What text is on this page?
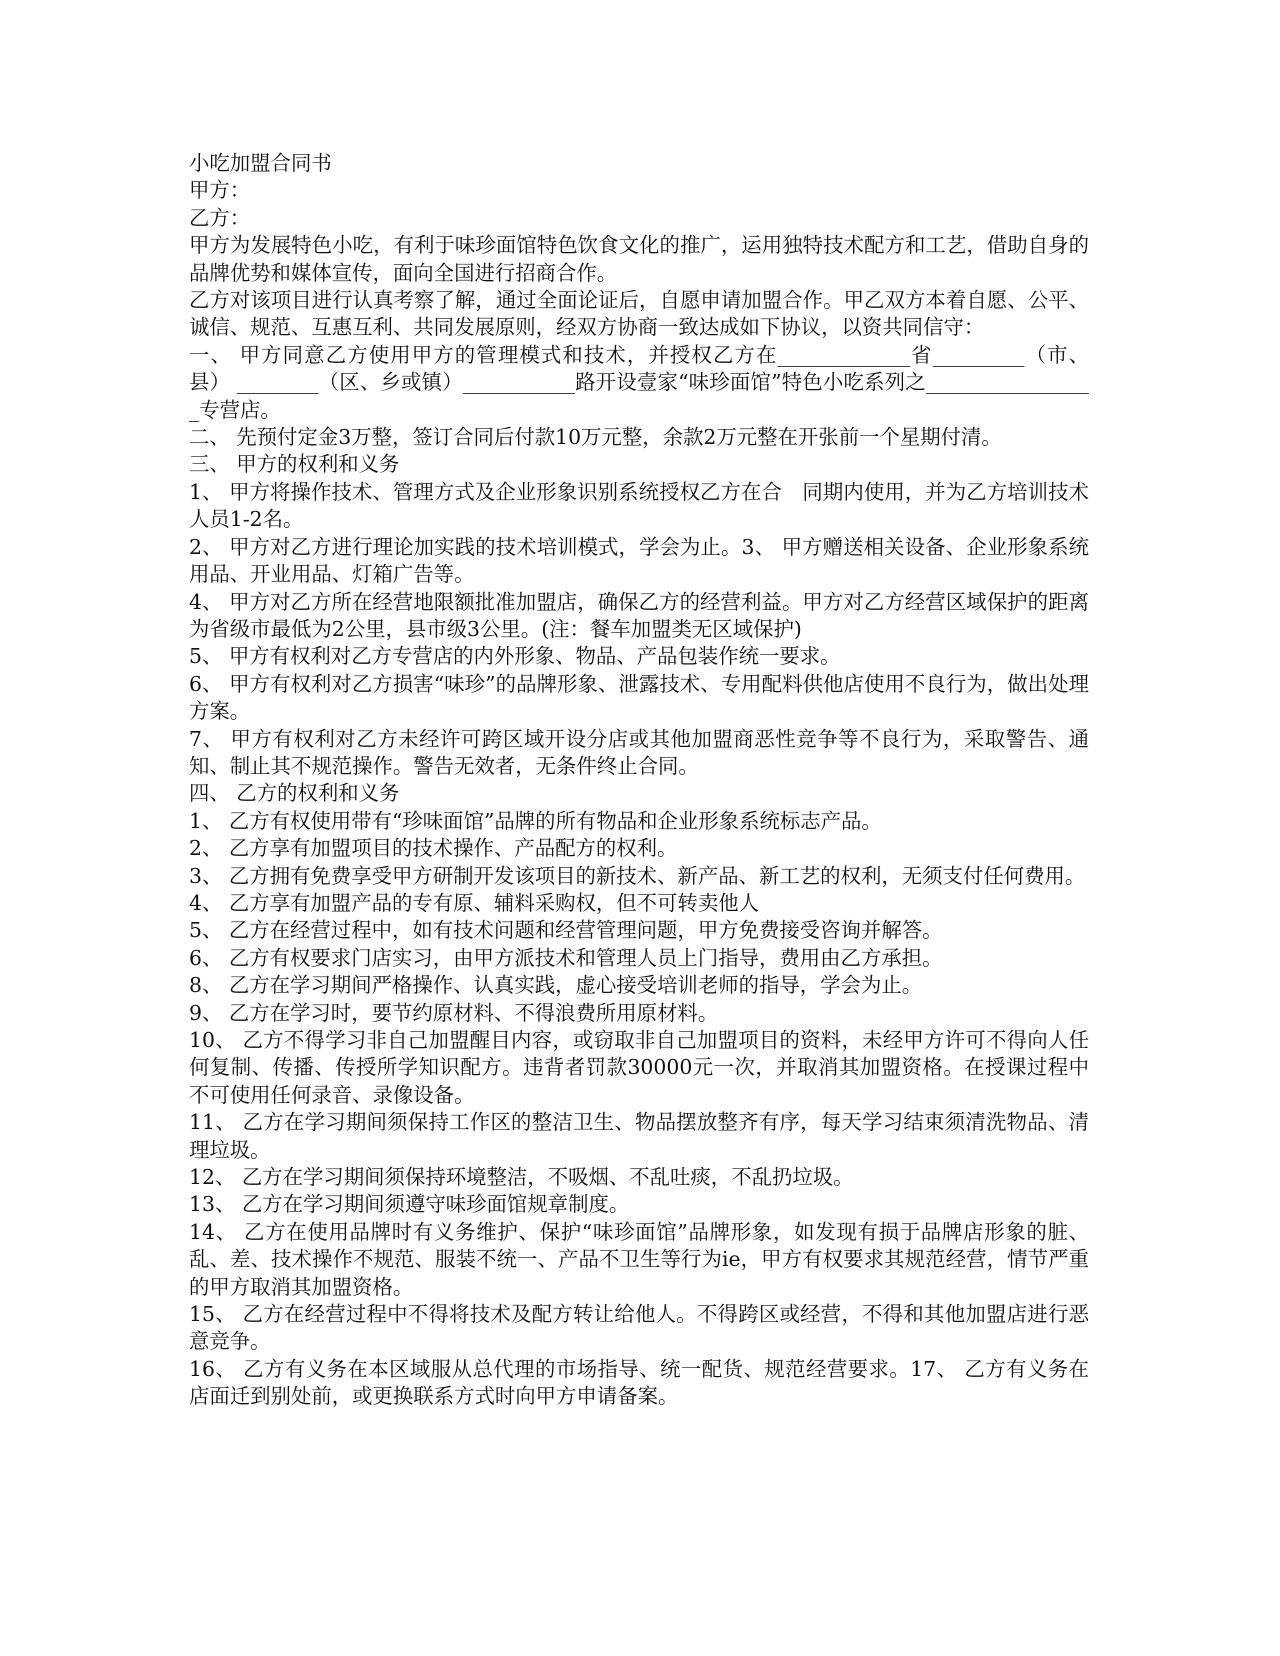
小吃加盟合同书

甲方：

乙方：

甲方为发展特色小吃，有利于味珍面馆特色饮食文化的推广，运用独特技术配方和工艺，借助自身的品牌优势和媒体宣传，面向全国进行招商合作。

乙方对该项目进行认真考察了解，通过全面论证后，自愿申请加盟合作。甲乙双方本着自愿、公平、诚信、规范、互惠互利、共同发展原则，经双方协商一致达成如下协议，以资共同信守：

一、 甲方同意乙方使用甲方的管理模式和技术，并授权乙方在_____________省_________（市、县） ________（区、乡或镇）___________路开设壹家“味珍面馆”特色小吃系列之_________________专营店。

二、 先预付定金3万整，签订合同后付款10万元整，余款2万元整在开张前一个星期付清。

三、 甲方的权利和义务

1、 甲方将操作技术、管理方式及企业形象识别系统授权乙方在合　同期内使用，并为乙方培训技术人员1-2名。

2、 甲方对乙方进行理论加实践的技术培训模式，学会为止。3、 甲方赠送相关设备、企业形象系统用品、开业用品、灯箱广告等。

4、 甲方对乙方所在经营地限额批准加盟店，确保乙方的经营利益。甲方对乙方经营区域保护的距离为省级市最低为2公里，县市级3公里。(注：餐车加盟类无区域保护)

5、 甲方有权利对乙方专营店的内外形象、物品、产品包装作统一要求。

6、 甲方有权利对乙方损害“味珍”的品牌形象、泄露技术、专用配料供他店使用不良行为，做出处理方案。

7、 甲方有权利对乙方未经许可跨区域开设分店或其他加盟商恶性竞争等不良行为，采取警告、通知、制止其不规范操作。警告无效者，无条件终止合同。

四、 乙方的权利和义务

1、 乙方有权使用带有“珍味面馆”品牌的所有物品和企业形象系统标志产品。

2、 乙方享有加盟项目的技术操作、产品配方的权利。

3、 乙方拥有免费享受甲方研制开发该项目的新技术、新产品、新工艺的权利，无须支付任何费用。

4、 乙方享有加盟产品的专有原、辅料采购权，但不可转卖他人

5、 乙方在经营过程中，如有技术问题和经营管理问题，甲方免费接受咨询并解答。

6、 乙方有权要求门店实习，由甲方派技术和管理人员上门指导，费用由乙方承担。

8、 乙方在学习期间严格操作、认真实践，虚心接受培训老师的指导，学会为止。

9、 乙方在学习时，要节约原材料、不得浪费所用原材料。

10、 乙方不得学习非自己加盟醒目内容，或窃取非自己加盟项目的资料，未经甲方许可不得向人任何复制、传播、传授所学知识配方。违背者罚款30000元一次，并取消其加盟资格。在授课过程中不可使用任何录音、录像设备。

11、 乙方在学习期间须保持工作区的整洁卫生、物品摆放整齐有序，每天学习结束须清洗物品、清理垃圾。

12、 乙方在学习期间须保持环境整洁，不吸烟、不乱吐痰，不乱扔垃圾。

13、 乙方在学习期间须遵守味珍面馆规章制度。

14、 乙方在使用品牌时有义务维护、保护“味珍面馆”品牌形象，如发现有损于品牌店形象的脏、乱、差、技术操作不规范、服装不统一、产品不卫生等行为ie，甲方有权要求其规范经营，情节严重的甲方取消其加盟资格。

15、 乙方在经营过程中不得将技术及配方转让给他人。不得跨区或经营，不得和其他加盟店进行恶意竞争。

16、 乙方有义务在本区域服从总代理的市场指导、统一配货、规范经营要求。17、 乙方有义务在店面迁到别处前，或更换联系方式时向甲方申请备案。
